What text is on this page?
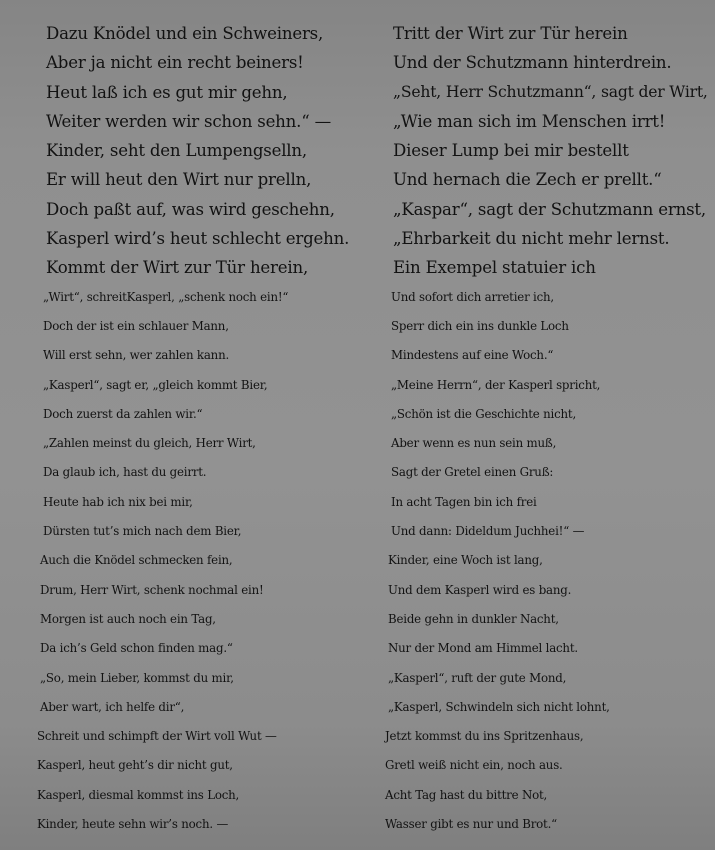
Dazu Knödel und ein Schweiners,
Aber ja nicht ein recht beiners!
Heut laß ich es gut mir gehn,
Weiter werden wir schon sehn.“ —
Kinder, seht den Lumpengselln,
Er will heut den Wirt nur prelln,
Doch paßt auf, was wird geschehn,
Kasperl wird’s heut schlecht ergehn.
Kommt der Wirt zur Tür herein,
„Wirt“, schreitKasperl, „schenk noch ein!“
Doch der ist ein schlauer Mann,
Will erst sehn, wer zahlen kann.
„Kasperl“, sagt er, „gleich kommt Bier,
Doch zuerst da zahlen wir.“
„Zahlen meinst du gleich, Herr Wirt,
Da glaub ich, hast du geirrt.
Heute hab ich nix bei mir,
Dürsten tut’s mich nach dem Bier,
Auch die Knödel schmecken fein,
Drum, Herr Wirt, schenk nochmal ein!
Morgen ist auch noch ein Tag,
Da ich’s Geld schon finden mag.“
„So, mein Lieber, kommst du mir,
Aber wart, ich helfe dir“,
Schreit und schimpft der Wirt voll Wut —
Kasperl, heut geht’s dir nicht gut,
Kasperl, diesmal kommst ins Loch,
Kinder, heute sehn wir’s noch. —
Tritt der Wirt zur Tür herein
Und der Schutzmann hinterdrein.
„Seht, Herr Schutzmann“, sagt der Wirt,
„Wie man sich im Menschen irrt!
Dieser Lump bei mir bestellt
Und hernach die Zech er prellt.“
„Kaspar“, sagt der Schutzmann ernst,
„Ehrbarkeit du nicht mehr lernst.
Ein Exempel statuier ich
Und sofort dich arretier ich,
Sperr dich ein ins dunkle Loch
Mindestens auf eine Woch.“
„Meine Herrn“, der Kasperl spricht,
„Schön ist die Geschichte nicht,
Aber wenn es nun sein muß,
Sagt der Gretel einen Gruß:
In acht Tagen bin ich frei
Und dann: Dideldum Juchhei!“ —
Kinder, eine Woch ist lang,
Und dem Kasperl wird es bang.
Beide gehn in dunkler Nacht,
Nur der Mond am Himmel lacht.
„Kasperl“, ruft der gute Mond,
„Kasperl, Schwindeln sich nicht lohnt,
Jetzt kommst du ins Spritzenhaus,
Gretl weiß nicht ein, noch aus.
Acht Tag hast du bittre Not,
Wasser gibt es nur und Brot.“
